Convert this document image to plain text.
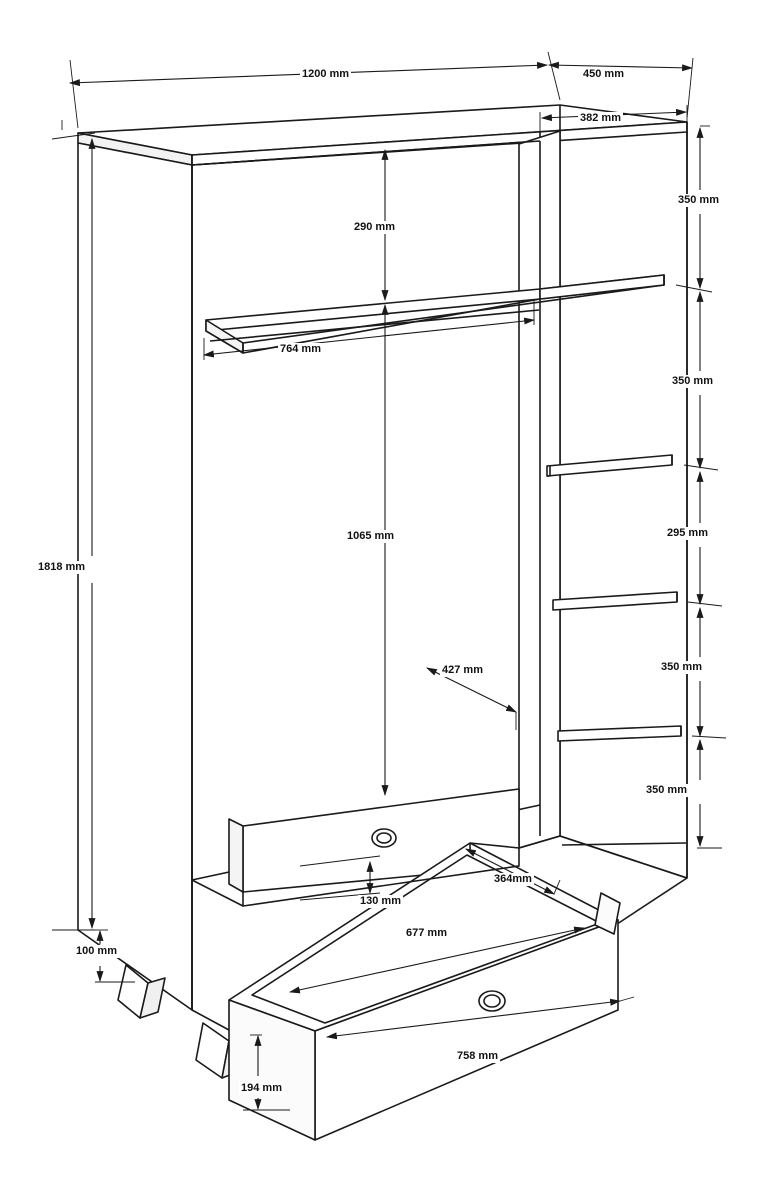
1200 mm	450 mm
382 mm
290 mm
764 mm
1065 mm
427 mm
364mm
130 mm
677 mm
758 mm
1818 mm
100 mm
194 mm
350 mm
350 mm
295 mm
350 mm
350 mm
